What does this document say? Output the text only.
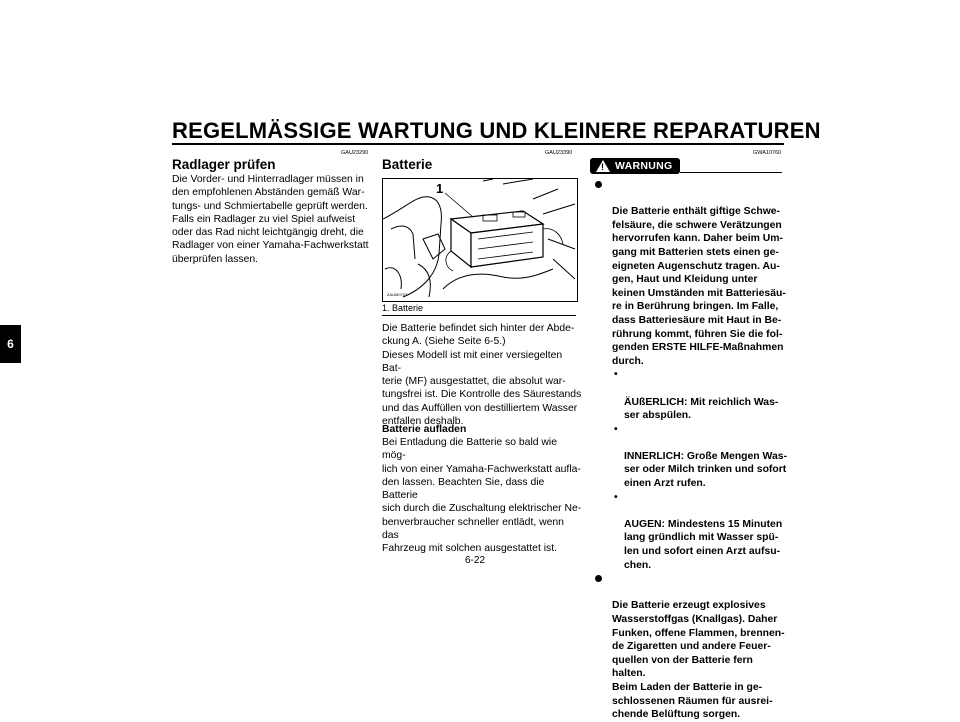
REGELMÄSSIGE WARTUNG UND KLEINERE REPARATUREN
6
GAU23290
Radlager prüfen
Die Vorder- und Hinterradlager müssen in
den empfohlenen Abständen gemäß War-
tungs- und Schmiertabelle geprüft werden.
Falls ein Radlager zu viel Spiel aufweist
oder das Rad nicht leichtgängig dreht, die
Radlager von einer Yamaha-Fachwerkstatt
überprüfen lassen.
GAU23390
Batterie
1
ZAUM0707
1. Batterie
Die Batterie befindet sich hinter der Abde-
ckung A. (Siehe Seite 6-5.)
Dieses Modell ist mit einer versiegelten Bat-
terie (MF) ausgestattet, die absolut war-
tungsfrei ist. Die Kontrolle des Säurestands
und das Auffüllen von destilliertem Wasser
entfallen deshalb.
Batterie aufladen
Bei Entladung die Batterie so bald wie mög-
lich von einer Yamaha-Fachwerkstatt aufla-
den lassen. Beachten Sie, dass die Batterie
sich durch die Zuschaltung elektrischer Ne-
benverbraucher schneller entlädt, wenn das
Fahrzeug mit solchen ausgestattet ist.
GWA10760
! WARNUNG

Die Batterie enthält giftige Schwe-
felsäure, die schwere Verätzungen
hervorrufen kann. Daher beim Um-
gang mit Batterien stets einen ge-
eigneten Augenschutz tragen. Au-
gen, Haut und Kleidung unter
keinen Umständen mit Batteriesäu-
re in Berührung bringen. Im Falle,
dass Batteriesäure mit Haut in Be-
rührung kommt, führen Sie die fol-
genden ERSTE HILFE-Maßnahmen
durch.

•

ÄUßERLICH: Mit reichlich Was-
ser abspülen.

•

INNERLICH: Große Mengen Was-
ser oder Milch trinken und sofort
einen Arzt rufen.

•

AUGEN: Mindestens 15 Minuten
lang gründlich mit Wasser spü-
len und sofort einen Arzt aufsu-
chen.

Die Batterie erzeugt explosives
Wasserstoffgas (Knallgas). Daher
Funken, offene Flammen, brennen-
de Zigaretten und andere Feuer-
quellen von der Batterie fern halten.
Beim Laden der Batterie in ge-
schlossenen Räumen für ausrei-
chende Belüftung sorgen.

6-22
